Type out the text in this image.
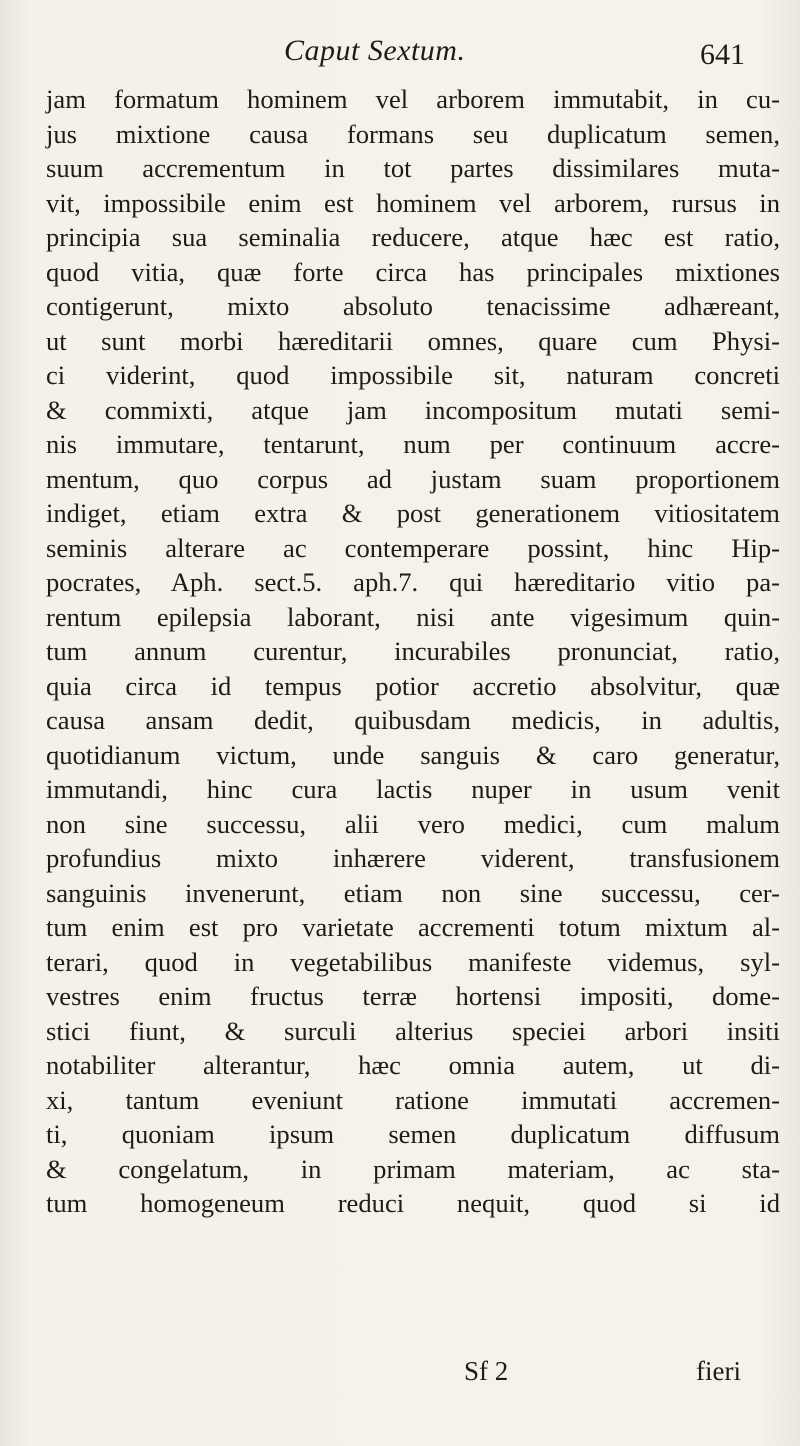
Caput Sextum.	641
jam formatum hominem vel arborem immutabit, in cu-
jus mixtione causa formans seu duplicatum semen,
suum accrementum in tot partes dissimilares muta-
vit, impossibile enim est hominem vel arborem, rursus in
principia sua seminalia reducere, atque hæc est ratio,
quod vitia, quæ forte circa has principales mixtiones
contigerunt, mixto absoluto tenacissime adhæreant,
ut sunt morbi hæreditarii omnes, quare cum Physi-
ci viderint, quod impossibile sit, naturam concreti
& commixti, atque jam incompositum mutati semi-
nis immutare, tentarunt, num per continuum accre-
mentum, quo corpus ad justam suam proportionem
indiget, etiam extra & post generationem vitiositatem
seminis alterare ac contemperare possint, hinc Hip-
pocrates, Aph. sect.5. aph.7. qui hæreditario vitio pa-
rentum epilepsia laborant, nisi ante vigesimum quin-
tum annum curentur, incurabiles pronunciat, ratio,
quia circa id tempus potior accretio absolvitur, quæ
causa ansam dedit, quibusdam medicis, in adultis,
quotidianum victum, unde sanguis & caro generatur,
immutandi, hinc cura lactis nuper in usum venit
non sine successu, alii vero medici, cum malum
profundius mixto inhærere viderent, transfusionem
sanguinis invenerunt, etiam non sine successu, cer-
tum enim est pro varietate accrementi totum mixtum al-
terari, quod in vegetabilibus manifeste videmus, syl-
vestres enim fructus terræ hortensi impositi, dome-
stici fiunt, & surculi alterius speciei arbori insiti
notabiliter alterantur, hæc omnia autem, ut di-
xi, tantum eveniunt ratione immutati accremen-
ti, quoniam ipsum semen duplicatum diffusum
& congelatum, in primam materiam, ac sta-
tum homogeneum reduci nequit, quod si id
Sf 2	fieri
